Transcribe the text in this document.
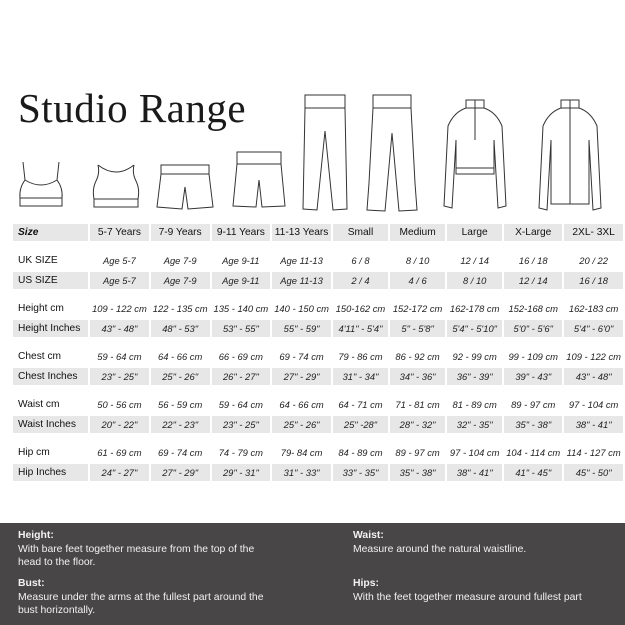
Studio Range
Size	5-7 Years	7-9 Years	9-11 Years	11-13 Years	Small	Medium	Large	X-Large	2XL- 3XL

UK SIZE	Age 5-7	Age 7-9	Age 9-11	Age 11-13	6 / 8	8 / 10	12 / 14	16 / 18	20 / 22
US SIZE	Age 5-7	Age 7-9	Age 9-11	Age 11-13	2 / 4	4 / 6	8 / 10	12 / 14	16 / 18

Height cm	109 - 122 cm	122 - 135 cm	135 - 140 cm	140 - 150 cm	150-162 cm	152-172 cm	162-178 cm	152-168 cm	162-183 cm
Height Inches	43" - 48"	48" - 53"	53" - 55"	55" - 59"	4'11" - 5'4"	5" - 5'8"	5'4" - 5'10"	5'0" - 5'6"	5'4" - 6'0"

Chest cm	59 - 64 cm	64 - 66 cm	66 - 69 cm	69 - 74 cm	79 - 86 cm	86 - 92 cm	92 - 99 cm	99 - 109 cm	109 - 122 cm
Chest Inches	23" - 25"	25" - 26"	26" - 27"	27" - 29"	31" - 34"	34" - 36"	36" - 39"	39" - 43"	43" - 48"

Waist cm	50 - 56 cm	56 - 59 cm	59 - 64 cm	64 - 66 cm	64 - 71 cm	71 - 81 cm	81 - 89 cm	89 - 97 cm	97 - 104 cm
Waist Inches	20" - 22"	22" - 23"	23" - 25"	25" - 26"	25" -28"	28" - 32"	32" - 35"	35" - 38"	38" - 41"

Hip cm	61 - 69 cm	69 - 74 cm	74 - 79 cm	79- 84 cm	84 - 89 cm	89 - 97 cm	97 - 104 cm	104 - 114 cm	114 - 127 cm
Hip Inches	24" - 27"	27" - 29"	29" - 31"	31" - 33"	33" - 35"	35" - 38"	38" - 41"	41" - 45"	45" - 50"
Height:
With bare feet together measure from the top of the
head to the floor.
Waist:
Measure around the natural waistline.
Bust:
Measure under the arms at the fullest part around the
bust horizontally.
Hips:
With the feet together measure around fullest part
